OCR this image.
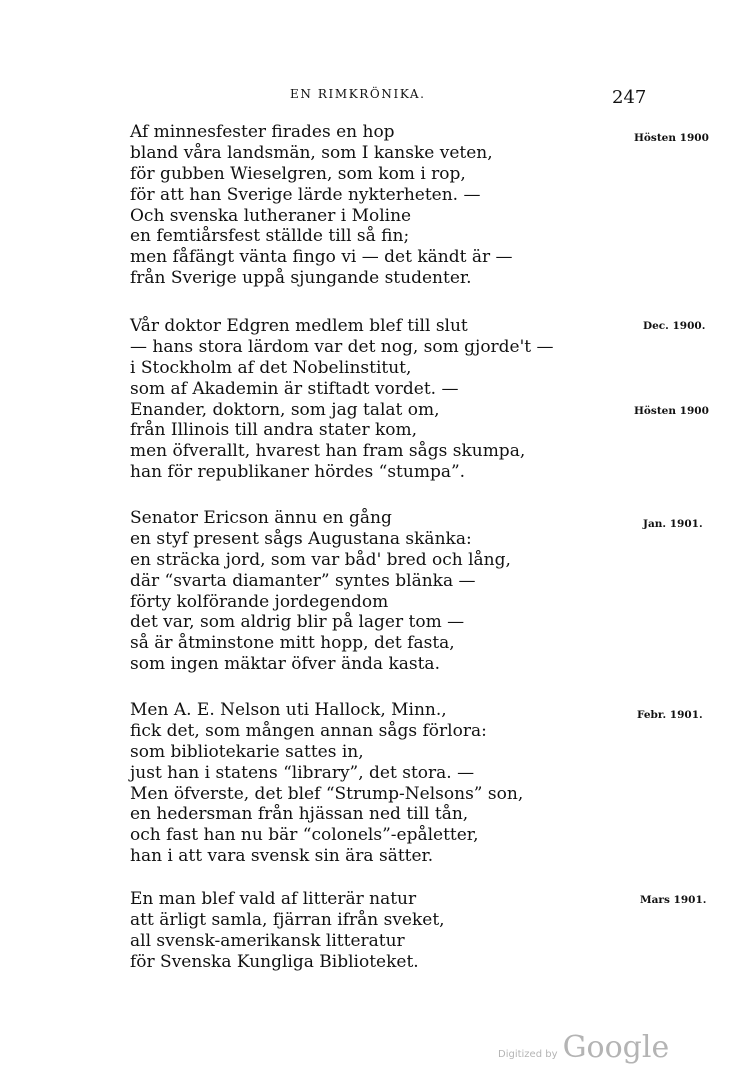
EN RIMKRÖNIKA.	247
Af minnesfester firades en hop
bland våra landsmän, som I kanske veten,
för gubben Wieselgren, som kom i rop,
för att han Sverige lärde nykterheten. —
Och svenska lutheraner i Moline
en femtiårsfest ställde till så fin;
men fåfängt vänta fingo vi — det kändt är —
från Sverige uppå sjungande studenter.
Vår doktor Edgren medlem blef till slut
— hans stora lärdom var det nog, som gjorde't —
i Stockholm af det Nobelinstitut,
som af Akademin är stiftadt vordet. —
Enander, doktorn, som jag talat om,
från Illinois till andra stater kom,
men öfverallt, hvarest han fram sågs skumpa,
han för republikaner hördes “stumpa”.
Senator Ericson ännu en gång
en styf present sågs Augustana skänka:
en sträcka jord, som var båd' bred och lång,
där “svarta diamanter” syntes blänka —
förty kolförande jordegendom
det var, som aldrig blir på lager tom —
så är åtminstone mitt hopp, det fasta,
som ingen mäktar öfver ända kasta.
Men A. E. Nelson uti Hallock, Minn.,
fick det, som mången annan sågs förlora:
som bibliotekarie sattes in,
just han i statens “library”, det stora. —
Men öfverste, det blef “Strump-Nelsons” son,
en hedersman från hjässan ned till tån,
och fast han nu bär “colonels”-epåletter,
han i att vara svensk sin ära sätter.
En man blef vald af litterär natur
att ärligt samla, fjärran ifrån sveket,
all svensk-amerikansk litteratur
för Svenska Kungliga Biblioteket.
Hösten 1900
Dec. 1900.
Hösten 1900
Jan. 1901.
Febr. 1901.
Mars 1901.
Digitized by Google
